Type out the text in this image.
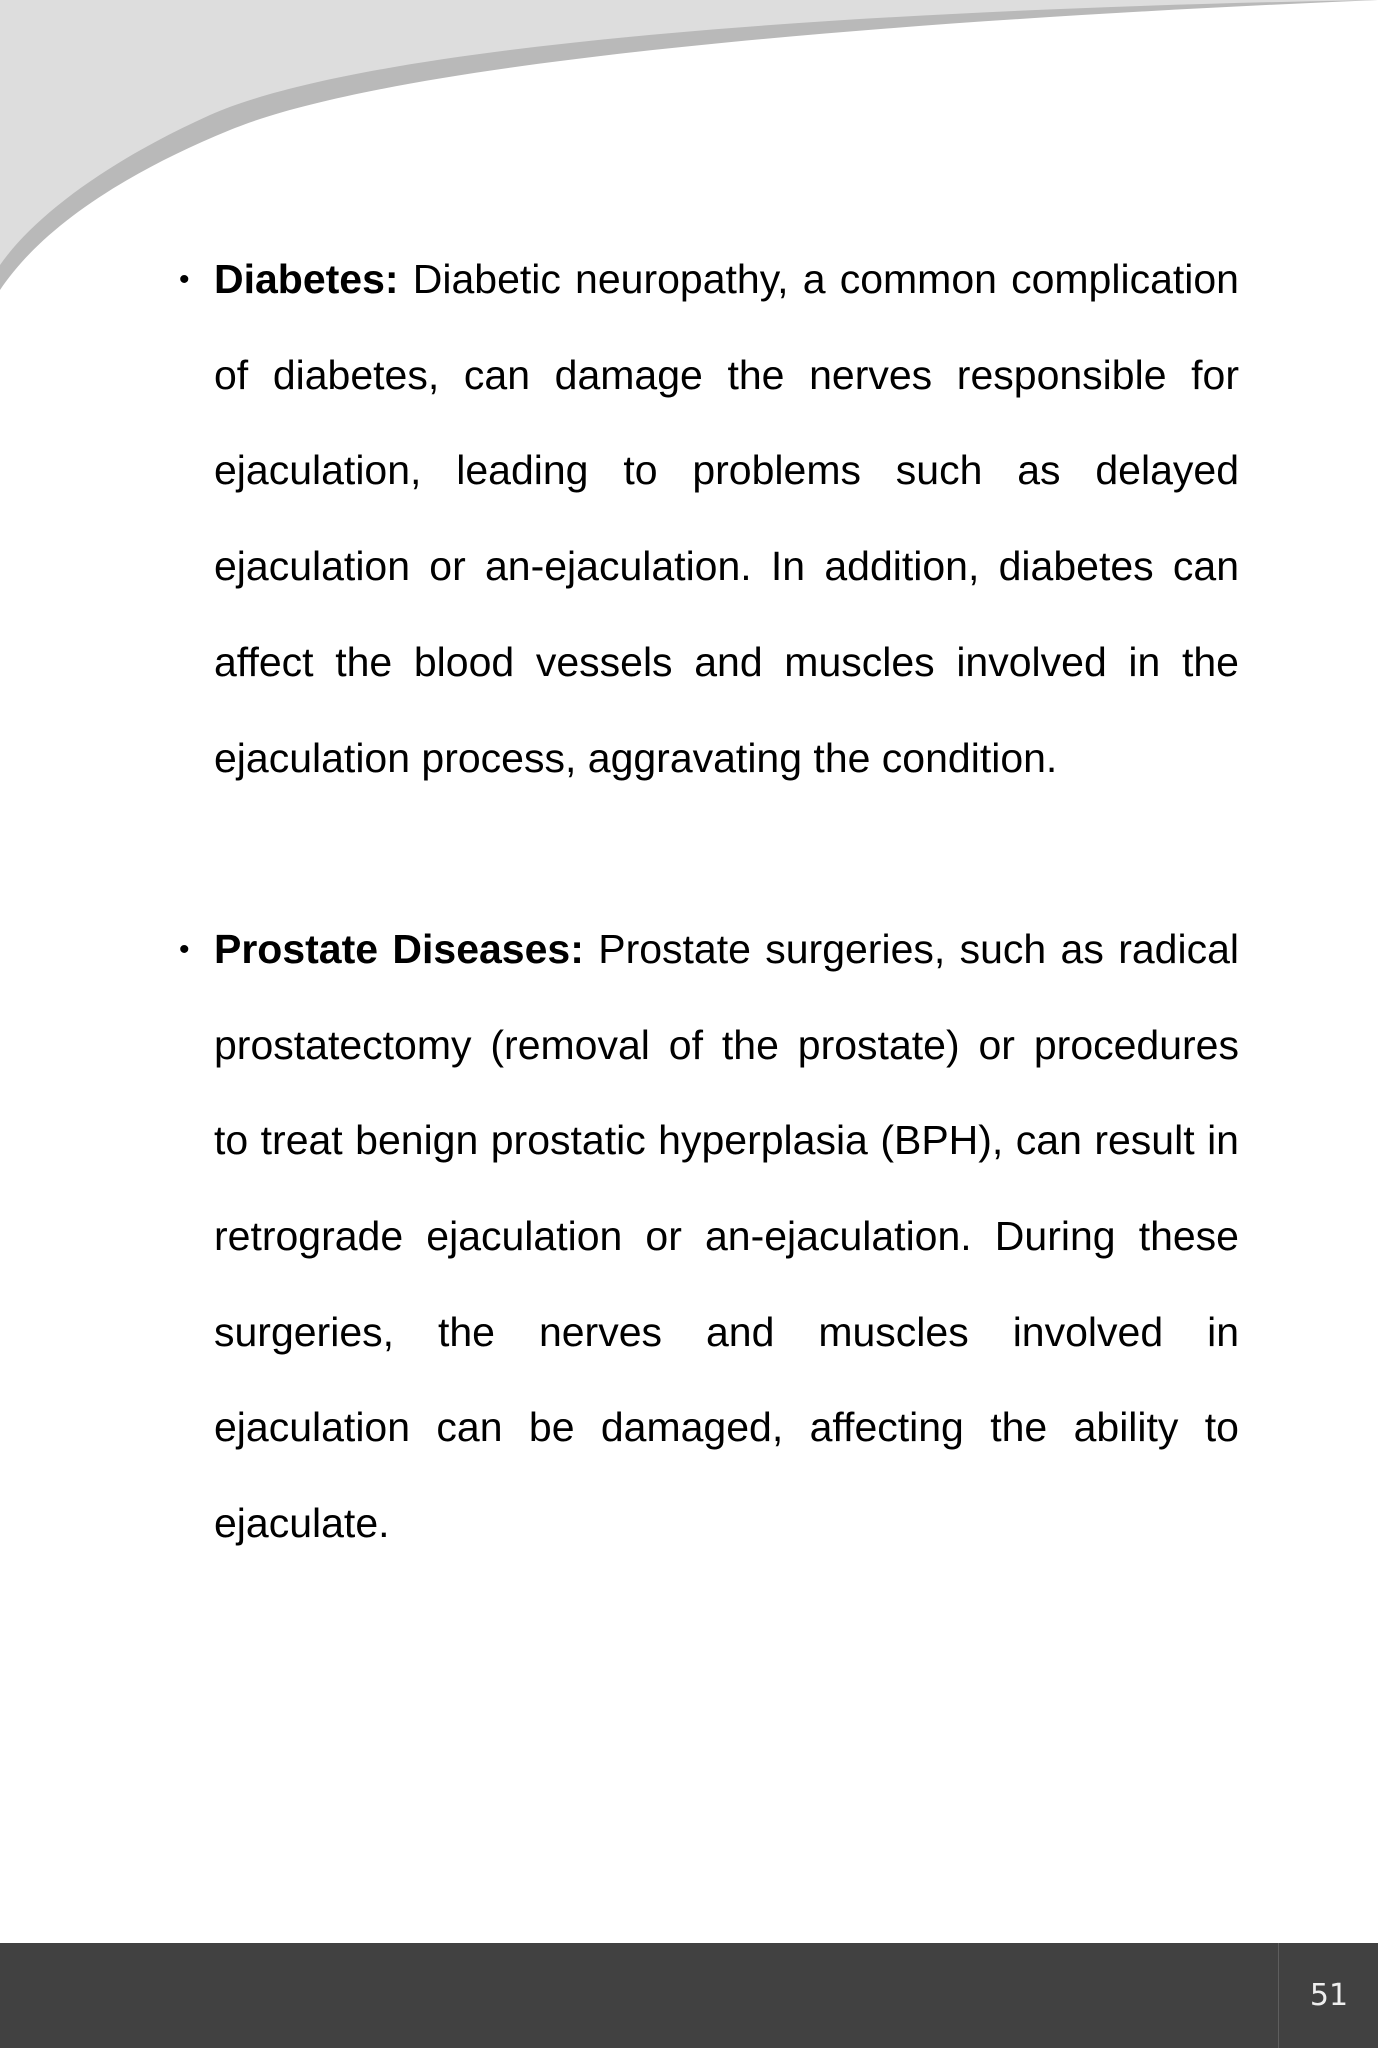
• Diabetes: Diabetic neuropathy, a common complication of diabetes, can damage the nerves responsible for ejaculation, leading to problems such as delayed ejaculation or an-ejaculation. In addition, diabetes can affect the blood vessels and muscles involved in the ejaculation process, aggravating the condition.
• Prostate Diseases: Prostate surgeries, such as radical prostatectomy (removal of the prostate) or procedures to treat benign prostatic hyperplasia (BPH), can result in retrograde ejaculation or an-ejaculation. During these surgeries, the nerves and muscles involved in ejaculation can be damaged, affecting the ability to ejaculate.
51
